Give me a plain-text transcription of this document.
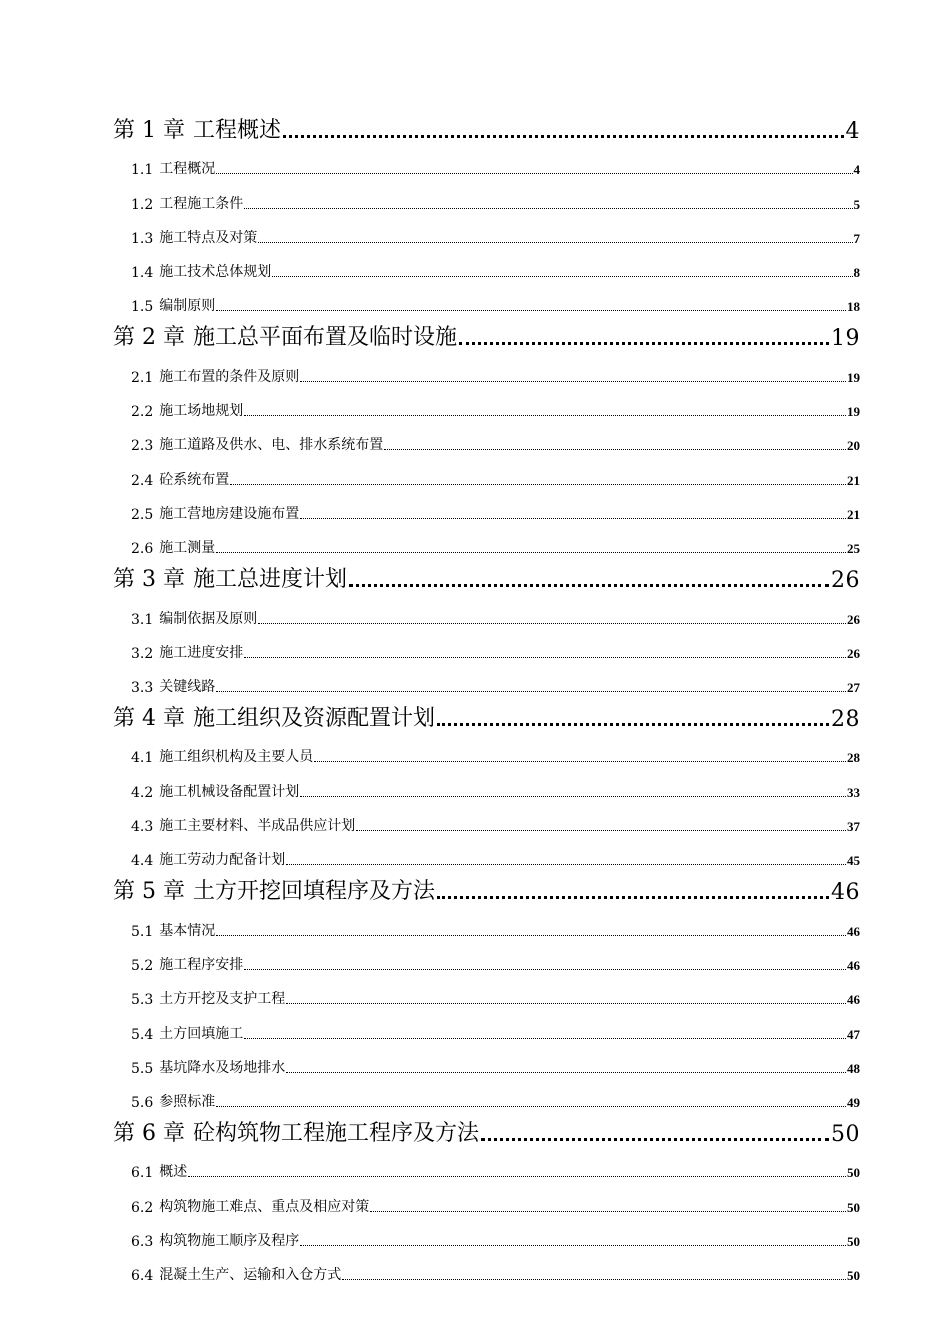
第 1 章 工程概述	4
1.1 工程概况	4
1.2 工程施工条件	5
1.3 施工特点及对策	7
1.4 施工技术总体规划	8
1.5 编制原则	18
第 2 章 施工总平面布置及临时设施	19
2.1 施工布置的条件及原则	19
2.2 施工场地规划	19
2.3 施工道路及供水、电、排水系统布置	20
2.4 砼系统布置	21
2.5 施工营地房建设施布置	21
2.6 施工测量	25
第 3 章 施工总进度计划	26
3.1 编制依据及原则	26
3.2 施工进度安排	26
3.3 关键线路	27
第 4 章 施工组织及资源配置计划	28
4.1 施工组织机构及主要人员	28
4.2 施工机械设备配置计划	33
4.3 施工主要材料、半成品供应计划	37
4.4 施工劳动力配备计划	45
第 5 章 土方开挖回填程序及方法	46
5.1 基本情况	46
5.2 施工程序安排	46
5.3 土方开挖及支护工程	46
5.4 土方回填施工	47
5.5 基坑降水及场地排水	48
5.6 参照标准	49
第 6 章 砼构筑物工程施工程序及方法	50
6.1 概述	50
6.2 构筑物施工难点、重点及相应对策	50
6.3 构筑物施工顺序及程序	50
6.4 混凝土生产、运输和入仓方式	50
